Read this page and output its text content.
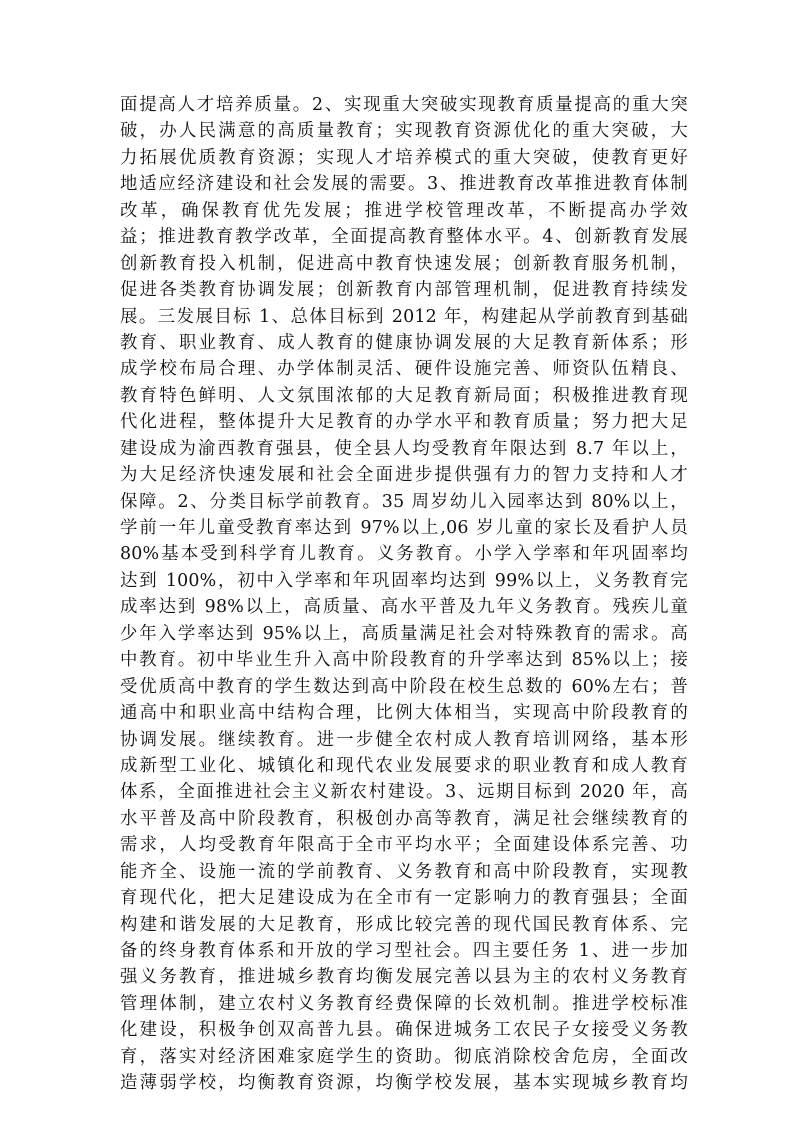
面提高人才培养质量。2、实现重大突破实现教育质量提高的重大突
破，办人民满意的高质量教育；实现教育资源优化的重大突破，大
力拓展优质教育资源；实现人才培养模式的重大突破，使教育更好
地适应经济建设和社会发展的需要。3、推进教育改革推进教育体制
改革，确保教育优先发展；推进学校管理改革，不断提高办学效
益；推进教育教学改革，全面提高教育整体水平。4、创新教育发展
创新教育投入机制，促进高中教育快速发展；创新教育服务机制，
促进各类教育协调发展；创新教育内部管理机制，促进教育持续发
展。三发展目标 1、总体目标到 2012 年，构建起从学前教育到基础
教育、职业教育、成人教育的健康协调发展的大足教育新体系；形
成学校布局合理、办学体制灵活、硬件设施完善、师资队伍精良、
教育特色鲜明、人文氛围浓郁的大足教育新局面；积极推进教育现
代化进程，整体提升大足教育的办学水平和教育质量；努力把大足
建设成为渝西教育强县，使全县人均受教育年限达到 8.7 年以上，
为大足经济快速发展和社会全面进步提供强有力的智力支持和人才
保障。2、分类目标学前教育。35 周岁幼儿入园率达到 80%以上，
学前一年儿童受教育率达到 97%以上,06 岁儿童的家长及看护人员
80%基本受到科学育儿教育。义务教育。小学入学率和年巩固率均
达到 100%，初中入学率和年巩固率均达到 99%以上，义务教育完
成率达到 98%以上，高质量、高水平普及九年义务教育。残疾儿童
少年入学率达到 95%以上，高质量满足社会对特殊教育的需求。高
中教育。初中毕业生升入高中阶段教育的升学率达到 85%以上；接
受优质高中教育的学生数达到高中阶段在校生总数的 60%左右；普
通高中和职业高中结构合理，比例大体相当，实现高中阶段教育的
协调发展。继续教育。进一步健全农村成人教育培训网络，基本形
成新型工业化、城镇化和现代农业发展要求的职业教育和成人教育
体系，全面推进社会主义新农村建设。3、远期目标到 2020 年，高
水平普及高中阶段教育，积极创办高等教育，满足社会继续教育的
需求，人均受教育年限高于全市平均水平；全面建设体系完善、功
能齐全、设施一流的学前教育、义务教育和高中阶段教育，实现教
育现代化，把大足建设成为在全市有一定影响力的教育强县；全面
构建和谐发展的大足教育，形成比较完善的现代国民教育体系、完
备的终身教育体系和开放的学习型社会。四主要任务 1、进一步加
强义务教育，推进城乡教育均衡发展完善以县为主的农村义务教育
管理体制，建立农村义务教育经费保障的长效机制。推进学校标准
化建设，积极争创双高普九县。确保进城务工农民子女接受义务教
育，落实对经济困难家庭学生的资助。彻底消除校舍危房，全面改
造薄弱学校，均衡教育资源，均衡学校发展，基本实现城乡教育均
